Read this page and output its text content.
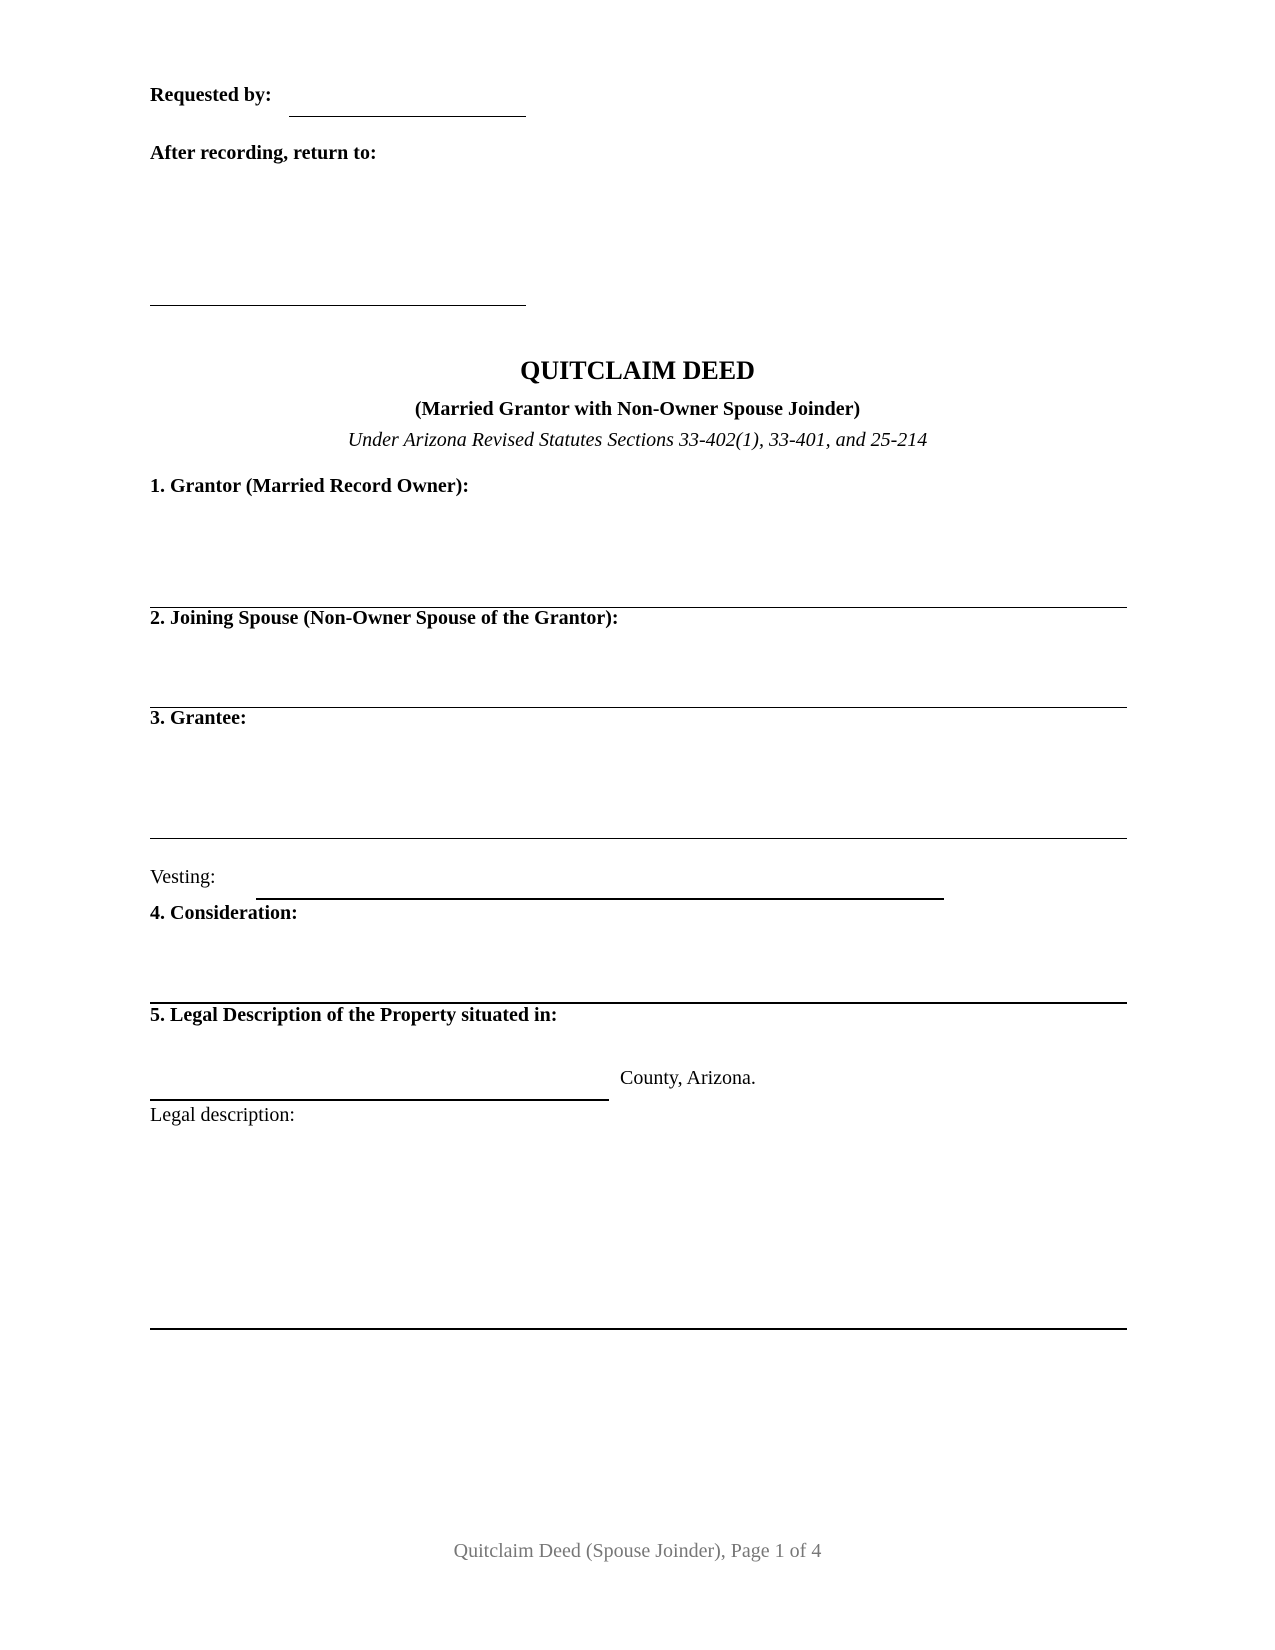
Requested by:
After recording, return to:
QUITCLAIM DEED
(Married Grantor with Non-Owner Spouse Joinder)
Under Arizona Revised Statutes Sections 33-402(1), 33-401, and 25-214
1. Grantor (Married Record Owner):
2. Joining Spouse (Non-Owner Spouse of the Grantor):
3. Grantee:
Vesting:
4. Consideration:
5. Legal Description of the Property situated in:
County, Arizona.
Legal description:
Quitclaim Deed (Spouse Joinder), Page 1 of 4
